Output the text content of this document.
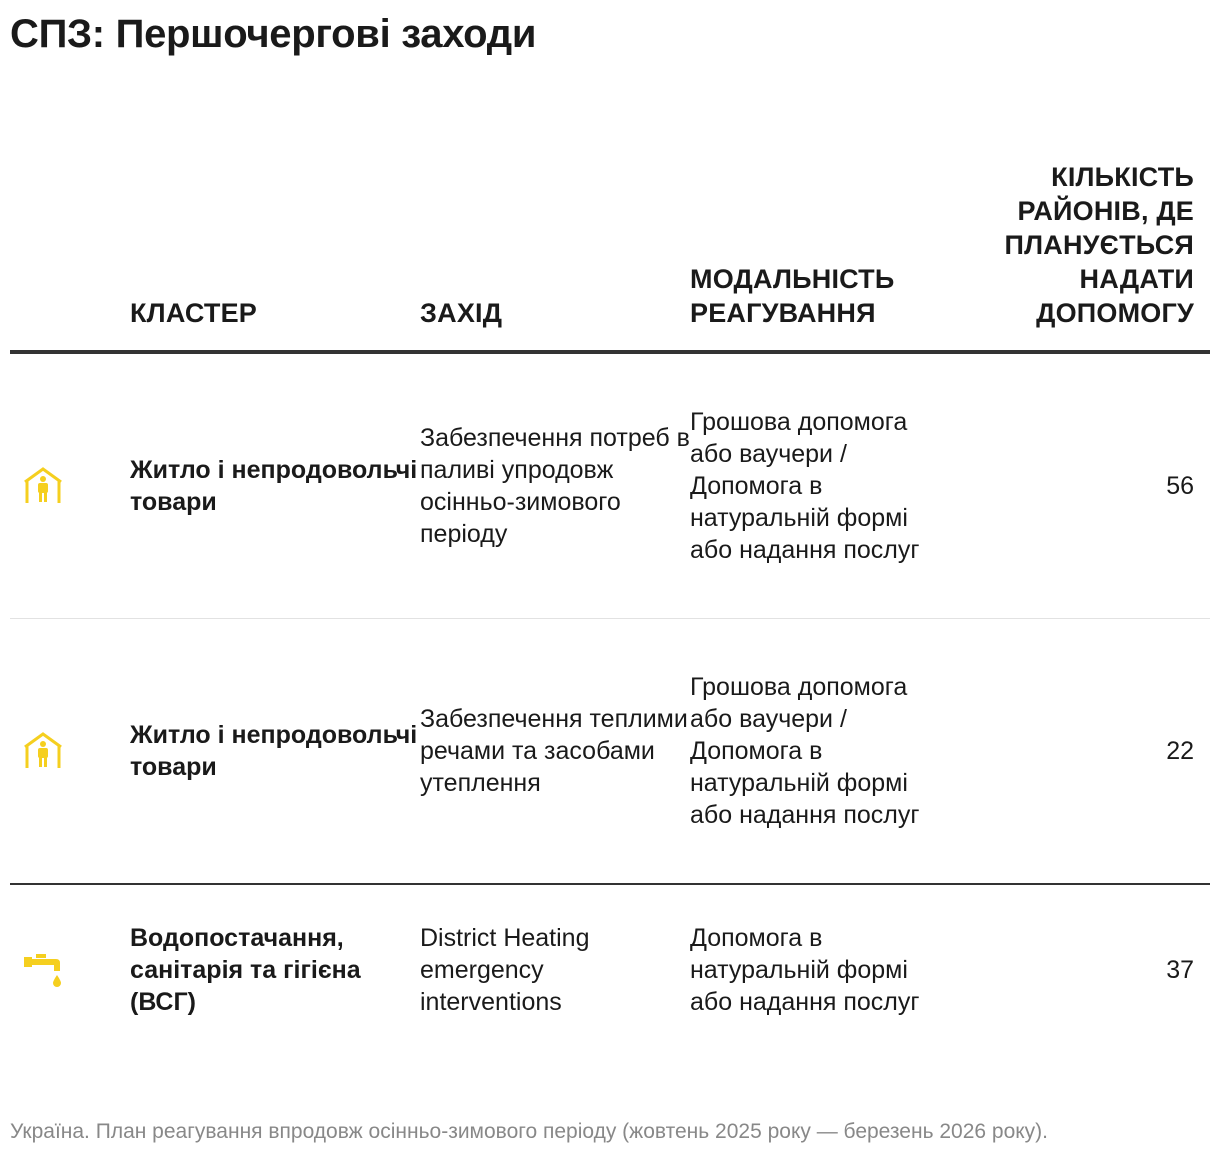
СПЗ: Першочергові заходи
	КЛАСТЕР	ЗАХІД	МОДАЛЬНІСТЬ РЕАГУВАННЯ	КІЛЬКІСТЬ РАЙОНІВ, ДЕ ПЛАНУЄТЬСЯ НАДАТИ ДОПОМОГУ
	Житло і непродовольчі товари	Забезпечення потреб в паливі упродовж осінньо-зимового періоду	Грошова допомога або ваучери / Допомога в натуральній формі або надання послуг	56
	Житло і непродовольчі товари	Забезпечення теплими речами та засобами утеплення	Грошова допомога або ваучери / Допомога в натуральній формі або надання послуг	22
	Водопостачання, санітарія та гігієна (ВСГ)	District Heating emergency interventions	Допомога в натуральній формі або надання послуг	37
Україна. План реагування впродовж осінньо-зимового періоду (жовтень 2025 року — березень 2026 року).
